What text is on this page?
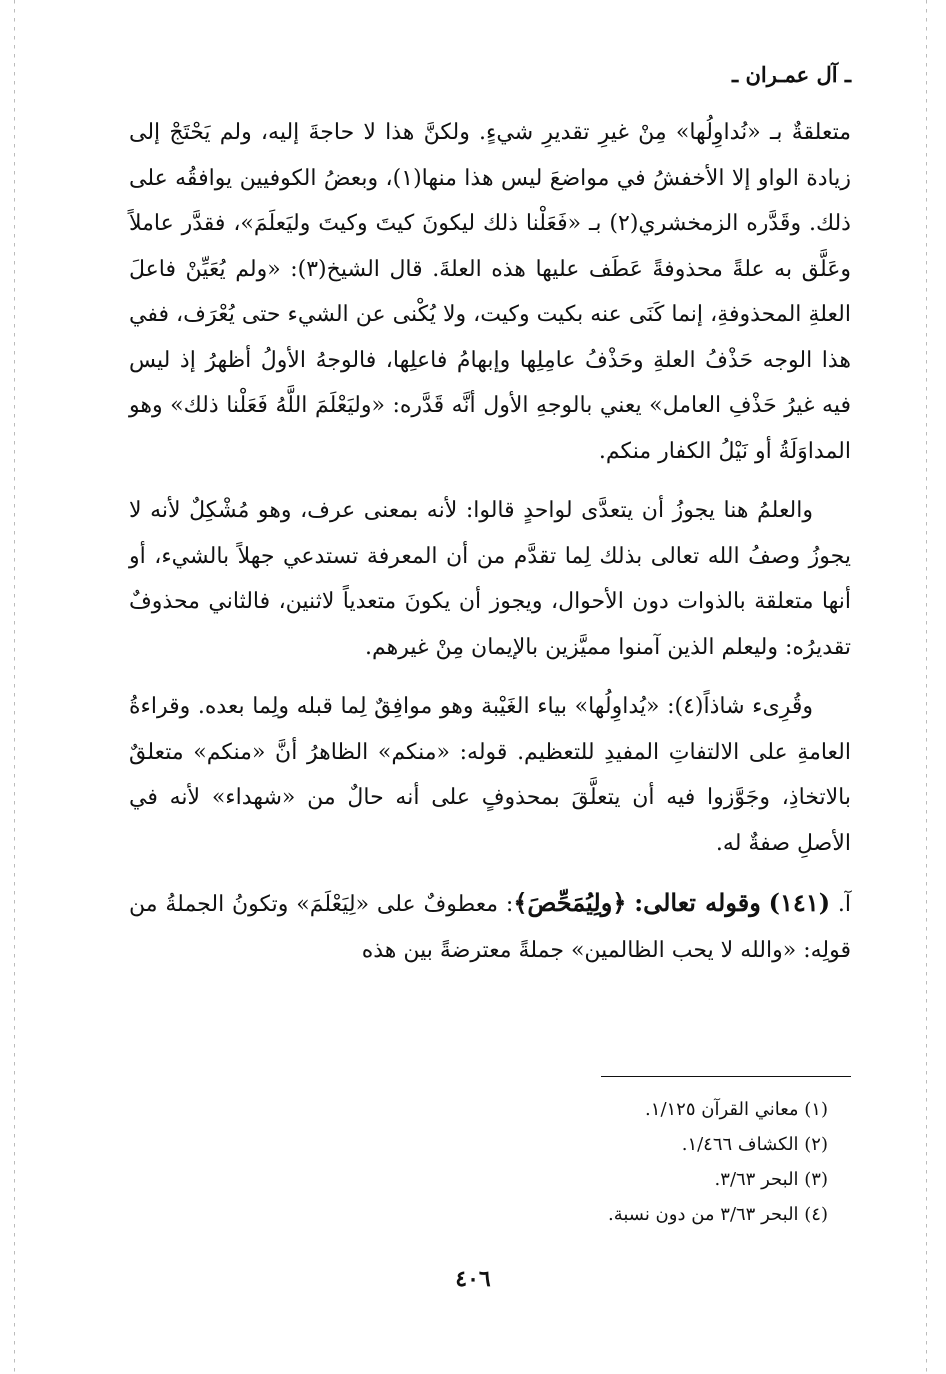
ـ آل عمـران ـ

متعلقةٌ بـ «نُداوِلُها» مِنْ غيرِ تقديرِ شيءٍ. ولكنَّ هذا لا حاجةَ إليه، ولم يَحْتَجْ إلى زيادة الواو إلا الأخفشُ في مواضعَ ليس هذا منها(١)، وبعضُ الكوفيين يوافقُه على ذلك. وقَدَّره الزمخشري(٢) بـ «فَعَلْنا ذلك ليكونَ كيتَ وكيتَ وليَعلَمَ»، فقدَّر عاملاً وعَلَّق به علةً محذوفةً عَطَف عليها هذه العلةَ. قال الشيخ(٣): «ولم يُعَيِّنْ فاعلَ العلةِ المحذوفةِ، إنما كَنَى عنه بكيت وكيت، ولا يُكْنى عن الشيء حتى يُعْرَف، ففي هذا الوجه حَذْفُ العلةِ وحَذْفُ عامِلِها وإبهامُ فاعلِها، فالوجهُ الأولُ أظهرُ إذ ليس فيه غيرُ حَذْفِ العامل» يعني بالوجهِ الأول أنَّه قَدَّره: «وليَعْلَمَ اللَّهُ فَعَلْنا ذلك» وهو المداوَلَةُ أو نَيْلُ الكفار منكم.

والعلمُ هنا يجوزُ أن يتعدَّى لواحدٍ قالوا: لأنه بمعنى عرف، وهو مُشْكِلٌ لأنه لا يجوزُ وصفُ الله تعالى بذلك لِما تقدَّم من أن المعرفة تستدعي جهلاً بالشيء، أو أنها متعلقة بالذوات دون الأحوال، ويجوز أن يكونَ متعدياً لاثنين، فالثاني محذوفٌ تقديرُه: وليعلم الذين آمنوا مميَّزين بالإيمان مِنْ غيرهم.

وقُرِىء شاذاً(٤): «يُداوِلُها» بياء الغَيْبة وهو موافِقٌ لِما قبله ولِما بعده. وقراءةُ العامةِ على الالتفاتِ المفيدِ للتعظيم. قوله: «منكم» الظاهرُ أنَّ «منكم» متعلقٌ بالاتخاذِ، وجَوَّزوا فيه أن يتعلَّقَ بمحذوفٍ على أنه حالٌ من «شهداء» لأنه في الأصلِ صفةٌ له.

آ. (١٤١) وقوله تعالى: ﴿ولِيُمَحِّصَ﴾: معطوفٌ على «لِيَعْلَمَ» وتكونُ الجملةُ من قولِه: «والله لا يحب الظالمين» جملةً معترضةً بين هذه

(١) معاني القرآن ١/١٢٥.
(٢) الكشاف ١/٤٦٦.
(٣) البحر ٣/٦٣.
(٤) البحر ٣/٦٣ من دون نسبة.
٤٠٦
